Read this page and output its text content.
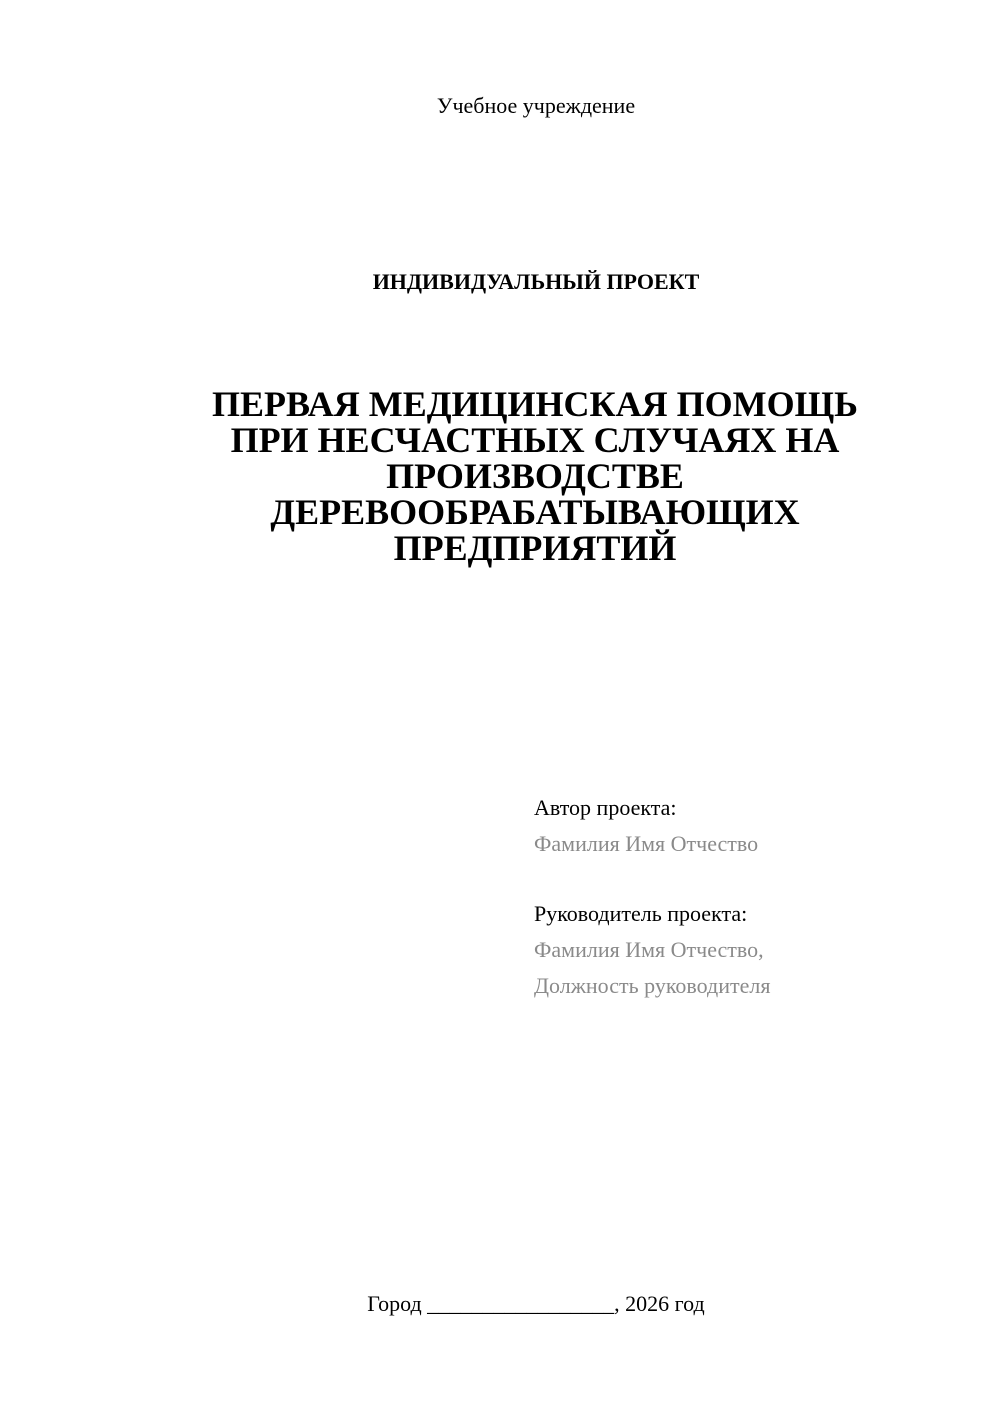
Учебное учреждение
ИНДИВИДУАЛЬНЫЙ ПРОЕКТ
ПЕРВАЯ МЕДИЦИНСКАЯ ПОМОЩЬ
ПРИ НЕСЧАСТНЫХ СЛУЧАЯХ НА
ПРОИЗВОДСТВЕ
ДЕРЕВООБРАБАТЫВАЮЩИХ
ПРЕДПРИЯТИЙ
Автор проекта:
Фамилия Имя Отчество
Руководитель проекта:
Фамилия Имя Отчество,
Должность руководителя
Город _________________, 2026 год
